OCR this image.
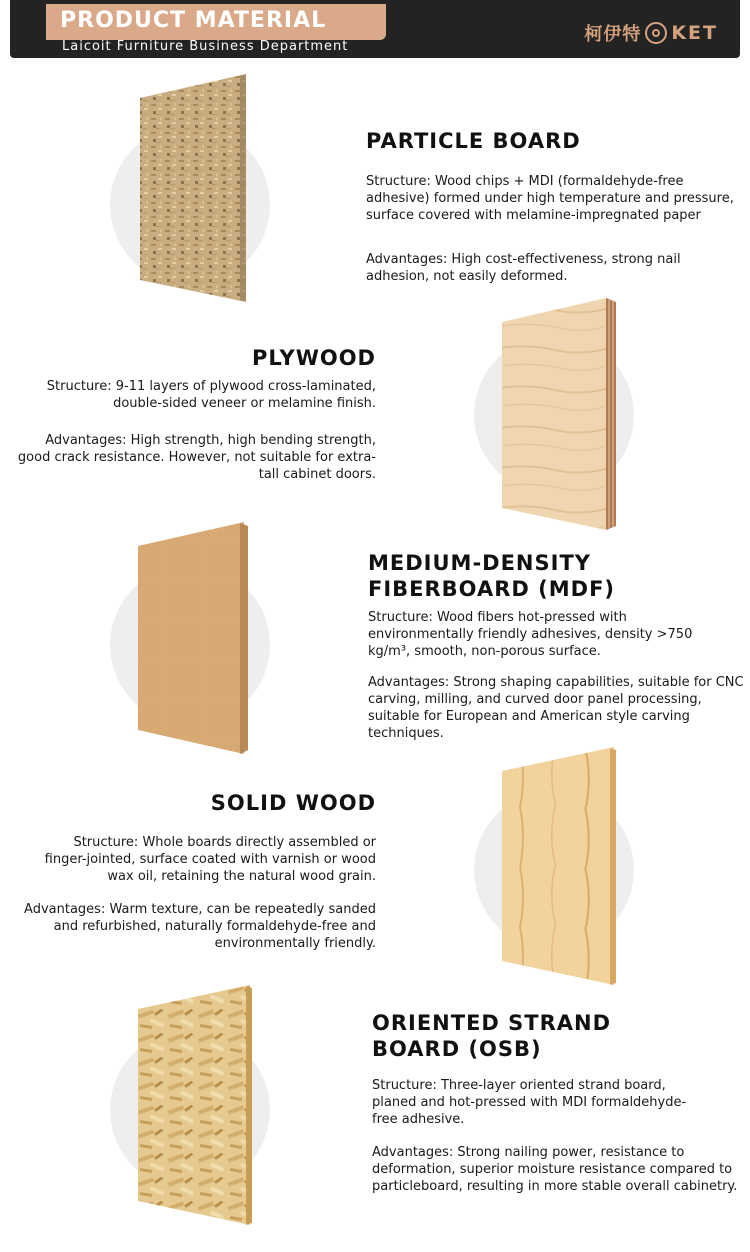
PRODUCT MATERIAL
Laicoit Furniture Business Department
柯伊特 KET
PARTICLE BOARD
Structure: Wood chips + MDI (formaldehyde-free adhesive) formed under high temperature and pressure, surface covered with melamine-impregnated paper
Advantages: High cost-effectiveness, strong nail adhesion, not easily deformed.
PLYWOOD
Structure: 9-11 layers of plywood cross-laminated, double-sided veneer or melamine finish.
Advantages: High strength, high bending strength, good crack resistance. However, not suitable for extra-tall cabinet doors.
MEDIUM-DENSITY
FIBERBOARD (MDF)
Structure: Wood fibers hot-pressed with environmentally friendly adhesives, density >750 kg/m³, smooth, non-porous surface.
Advantages: Strong shaping capabilities, suitable for CNC carving, milling, and curved door panel processing, suitable for European and American style carving techniques.
SOLID WOOD
Structure: Whole boards directly assembled or finger-jointed, surface coated with varnish or wood wax oil, retaining the natural wood grain.
Advantages: Warm texture, can be repeatedly sanded and refurbished, naturally formaldehyde-free and environmentally friendly.
ORIENTED STRAND
BOARD (OSB)
Structure: Three-layer oriented strand board, planed and hot-pressed with MDI formaldehyde-free adhesive.
Advantages: Strong nailing power, resistance to deformation, superior moisture resistance compared to particleboard, resulting in more stable overall cabinetry.
